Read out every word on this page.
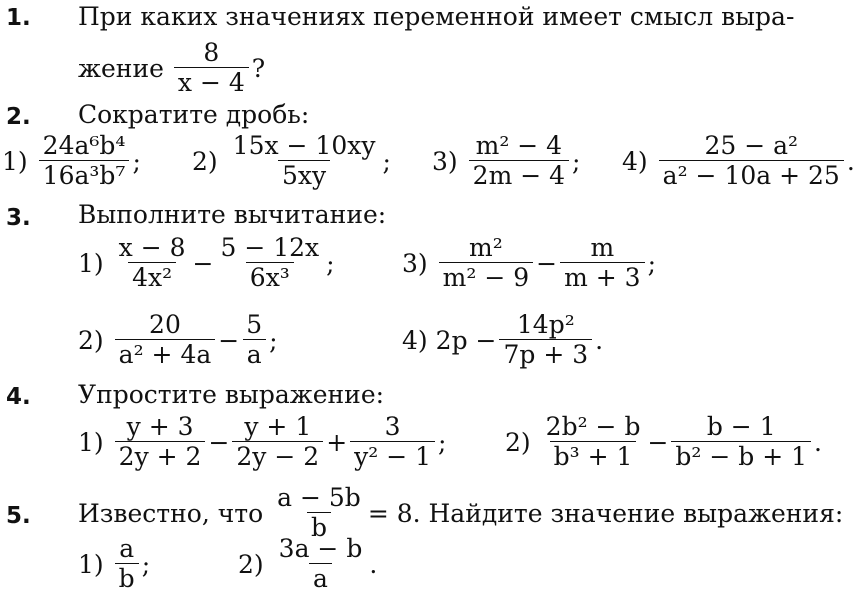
1. При каких значениях переменной имеет смысл выра-
жение $\frac{8}{x - 4}$ ?
2. Сократите дробь:
$1) \frac{\text{24a⁶b⁴}}{\text{16a³b⁷}}$ ; $2) \frac{15x - 10xy}{5xy}$ ; $3) \frac{\text{m² − 4}}{2m - 4}$ ; $4) \frac{\text{25 − a²}}{\text{a² − 10a + 25}}$ .
3. Выполните вычитание:
$1) \frac{x - 8}{\text{4x²}} - \frac{5 - 12x}{\text{6x³}}$ ;	$3) \frac{\text{m²}}{\text{m² − 9}} - \frac{m}{m + 3}$ ;
$2) \frac{20}{\text{a² + 4a}} - \frac{5}{a}$ ;	4) $2p - \frac{\text{14p²}}{7p + 3}$ .
4. Упростите выражение:
$1) \frac{y + 3}{2y + 2} - \frac{y + 1}{2y - 2} + \frac{3}{\text{y² − 1}}$ ; $2) \frac{\text{2b² − b}}{\text{b³ + 1}} - \frac{b - 1}{\text{b² − b + 1}}$ .
5. Известно, что $\frac{a - 5b}{b} = 8$. Найдите значение выражения:
$1) \frac{a}{b}$ ;	$2) \frac{3a - b}{a}$ .
